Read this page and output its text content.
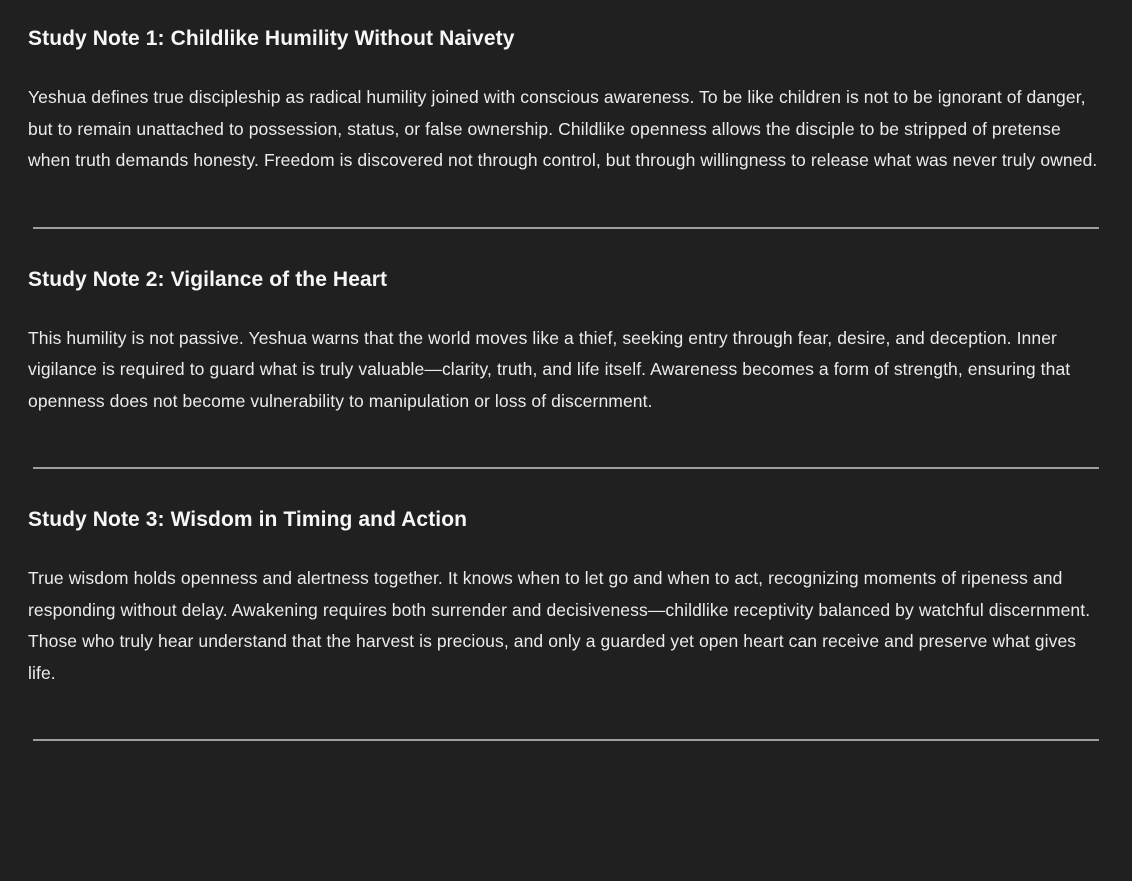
Study Note 1: Childlike Humility Without Naivety

Yeshua defines true discipleship as radical humility joined with conscious awareness. To be like children is not to be ignorant of danger, but to remain unattached to possession, status, or false ownership. Childlike openness allows the disciple to be stripped of pretense when truth demands honesty. Freedom is discovered not through control, but through willingness to release what was never truly owned.

Study Note 2: Vigilance of the Heart

This humility is not passive. Yeshua warns that the world moves like a thief, seeking entry through fear, desire, and deception. Inner vigilance is required to guard what is truly valuable—clarity, truth, and life itself. Awareness becomes a form of strength, ensuring that openness does not become vulnerability to manipulation or loss of discernment.

Study Note 3: Wisdom in Timing and Action

True wisdom holds openness and alertness together. It knows when to let go and when to act, recognizing moments of ripeness and responding without delay. Awakening requires both surrender and decisiveness—childlike receptivity balanced by watchful discernment. Those who truly hear understand that the harvest is precious, and only a guarded yet open heart can receive and preserve what gives life.
